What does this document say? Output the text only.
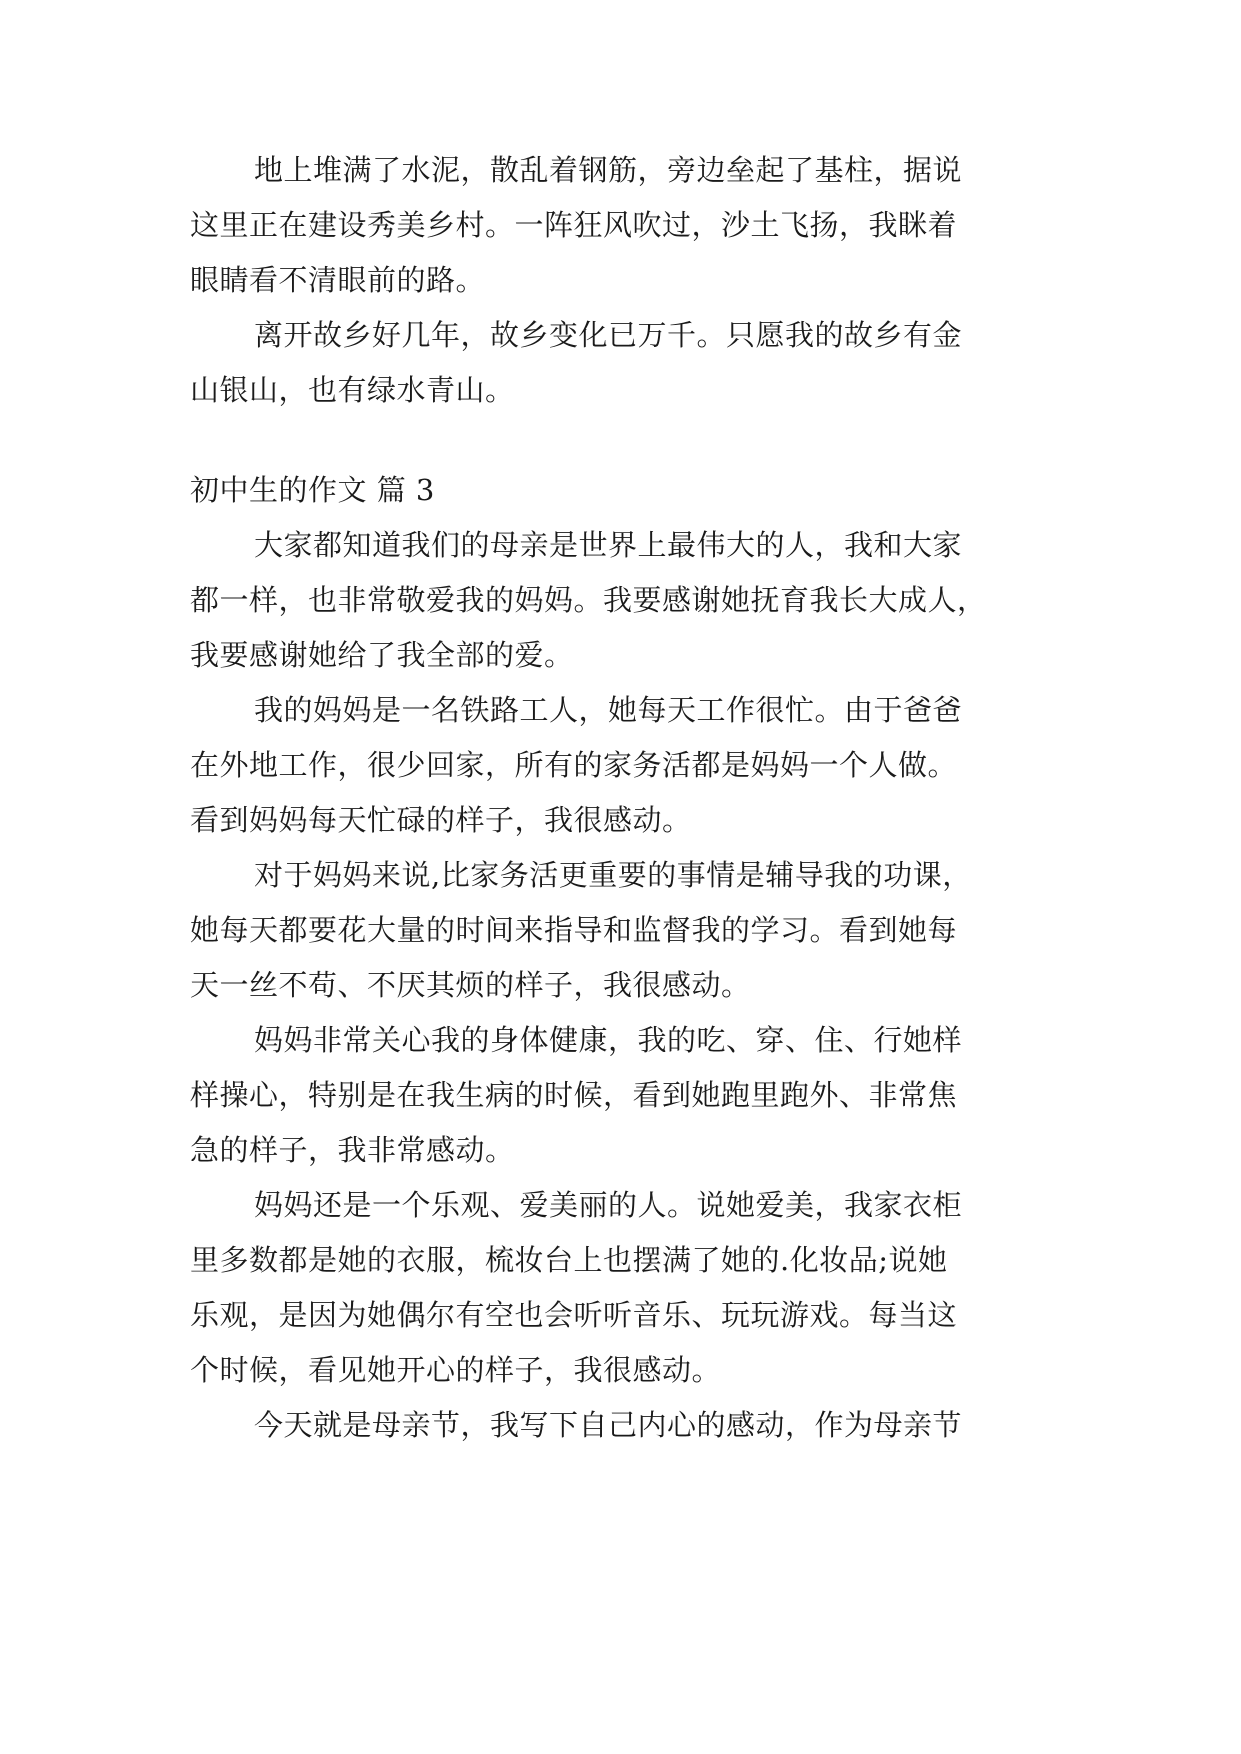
地上堆满了水泥，散乱着钢筋，旁边垒起了基柱，据说
这里正在建设秀美乡村。一阵狂风吹过，沙土飞扬，我眯着
眼睛看不清眼前的路。
离开故乡好几年，故乡变化已万千。只愿我的故乡有金
山银山，也有绿水青山。
初中生的作文 篇 3
大家都知道我们的母亲是世界上最伟大的人，我和大家
都一样，也非常敬爱我的妈妈。我要感谢她抚育我长大成人，
我要感谢她给了我全部的爱。
我的妈妈是一名铁路工人，她每天工作很忙。由于爸爸
在外地工作，很少回家，所有的家务活都是妈妈一个人做。
看到妈妈每天忙碌的样子，我很感动。
对于妈妈来说,比家务活更重要的事情是辅导我的功课，
她每天都要花大量的时间来指导和监督我的学习。看到她每
天一丝不苟、不厌其烦的样子，我很感动。
妈妈非常关心我的身体健康，我的吃、穿、住、行她样
样操心，特别是在我生病的时候，看到她跑里跑外、非常焦
急的样子，我非常感动。
妈妈还是一个乐观、爱美丽的人。说她爱美，我家衣柜
里多数都是她的衣服，梳妆台上也摆满了她的.化妆品;说她
乐观，是因为她偶尔有空也会听听音乐、玩玩游戏。每当这
个时候，看见她开心的样子，我很感动。
今天就是母亲节，我写下自己内心的感动，作为母亲节
